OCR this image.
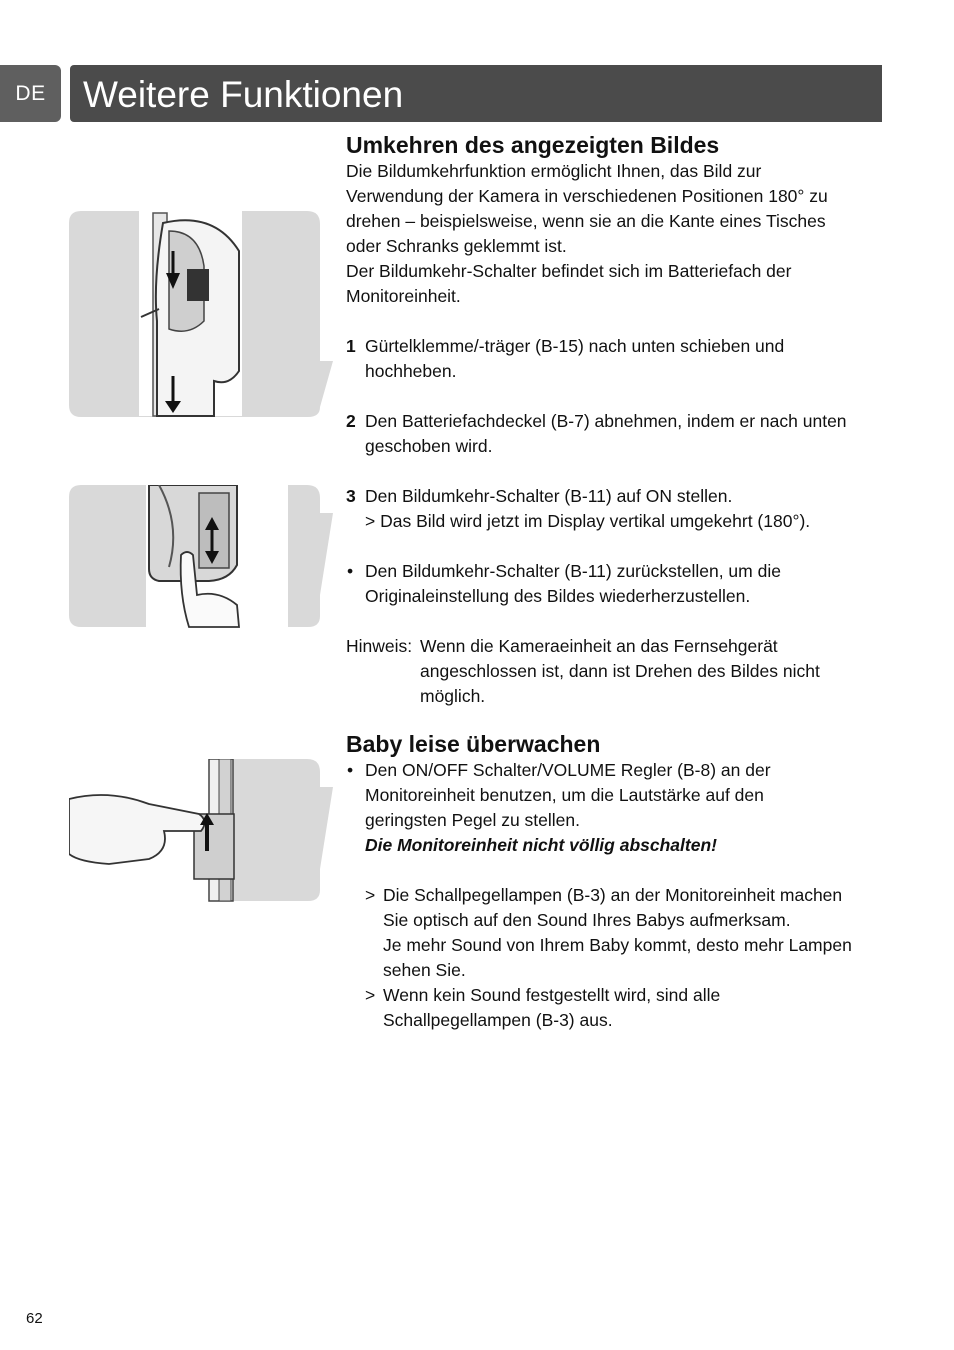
DE	Weitere Funktionen
Umkehren des angezeigten Bildes

Die Bildumkehrfunktion ermöglicht Ihnen, das Bild zur

Verwendung der Kamera in verschiedenen Positionen 180° zu

drehen – beispielsweise, wenn sie an die Kante eines Tisches

oder Schranks geklemmt ist.

Der Bildumkehr-Schalter befindet sich im Batteriefach der

Monitoreinheit.

1 Gürtelklemme/-träger (B-15) nach unten schieben und

hochheben.

2 Den Batteriefachdeckel (B-7) abnehmen, indem er nach unten

geschoben wird.

3 Den Bildumkehr-Schalter (B-11) auf ON stellen.

> Das Bild wird jetzt im Display vertikal umgekehrt (180°).

• Den Bildumkehr-Schalter (B-11) zurückstellen, um die

Originaleinstellung des Bildes wiederherzustellen.

Hinweis: Wenn die Kameraeinheit an das Fernsehgerät

angeschlossen ist, dann ist Drehen des Bildes nicht

möglich.

Baby leise überwachen
• Den ON/OFF Schalter/VOLUME Regler (B-8) an der

Monitoreinheit benutzen, um die Lautstärke auf den

geringsten Pegel zu stellen.

Die Monitoreinheit nicht völlig abschalten!

> Die Schallpegellampen (B-3) an der Monitoreinheit machen

Sie optisch auf den Sound Ihres Babys aufmerksam.

Je mehr Sound von Ihrem Baby kommt, desto mehr Lampen

sehen Sie.

> Wenn kein Sound festgestellt wird, sind alle

Schallpegellampen (B-3) aus.

62
